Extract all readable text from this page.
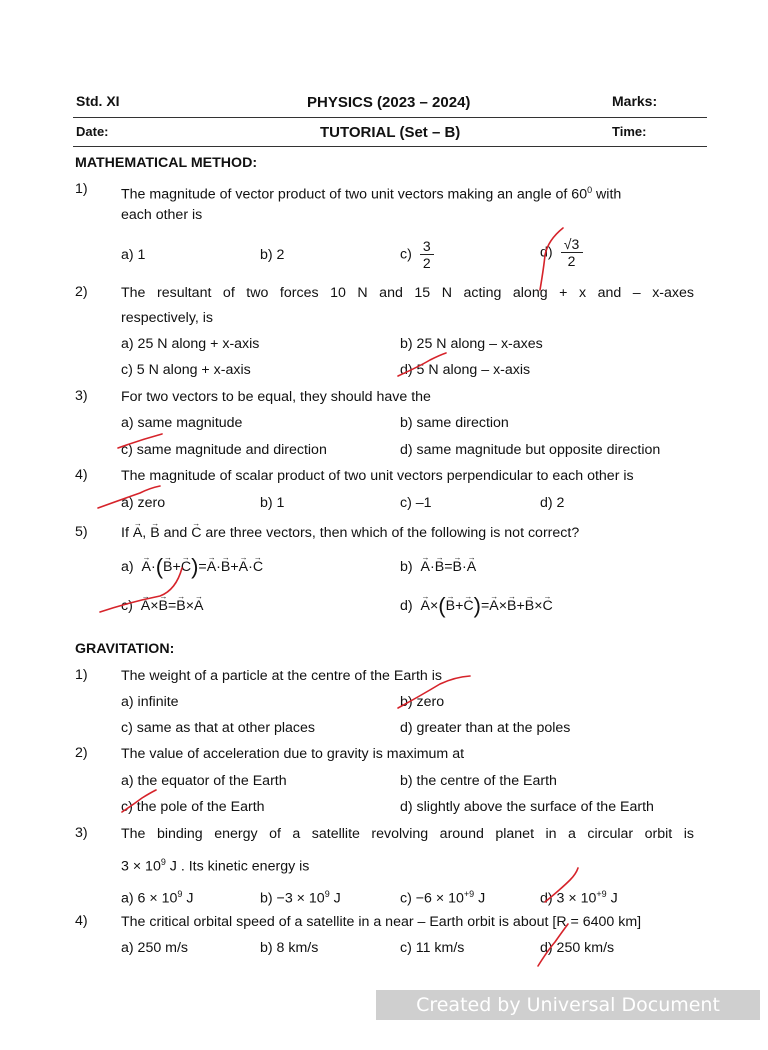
Std. XI	PHYSICS (2023 – 2024)	Marks:
Date:	TUTORIAL (Set – B)	Time:
MATHEMATICAL METHOD:
1) The magnitude of vector product of two unit vectors making an angle of $60^0$ with
each other is
a) 1	b) 2	$c) \frac{3}{2}$	$d) \frac{√3}{2}$
2) The resultant of two forces 10 N and 15 N acting along + x and – x-axes
respectively, is
a) 25 N along + x-axis	b) 25 N along – x-axes
c) 5 N along + x-axis	d) 5 N along – x-axis
3) For two vectors to be equal, they should have the
a) same magnitude	b) same direction
c) same magnitude and direction	d) same magnitude but opposite direction
4) The magnitude of scalar product of two unit vectors perpendicular to each other is
a) zero	b) 1	c) –1	d) 2
5) If → A, → B and → C are three vectors, then which of the following is not correct?
a) → A·(→ B+→ C)=→ A·→ B+→ A·→ C	b) → A·→ B=→ B·→ A
c) → A×→ B=→ B×→ A	d) → A×(→ B+→ C)=→ A×→ B+→ B×→ C
GRAVITATION:
1) The weight of a particle at the centre of the Earth is
a) infinite	b) zero
c) same as that at other places	d) greater than at the poles
2) The value of acceleration due to gravity is maximum at
a) the equator of the Earth	b) the centre of the Earth
c) the pole of the Earth	d) slightly above the surface of the Earth
3) The binding energy of a satellite revolving around planet in a circular orbit is
$3 \times 10^9$ J . Its kinetic energy is
a) $6 \times 10^9$ J	$b) -3 \times 10^9$ J	$c) -6 \times 10^{+9}$ J	d) $3 \times 10^{+9}$ J
4) The critical orbital speed of a satellite in a near – Earth orbit is about [R = 6400 km]
a) 250 m/s	b) 8 km/s	c) 11 km/s	d) 250 km/s
Created by Universal Document Converter
